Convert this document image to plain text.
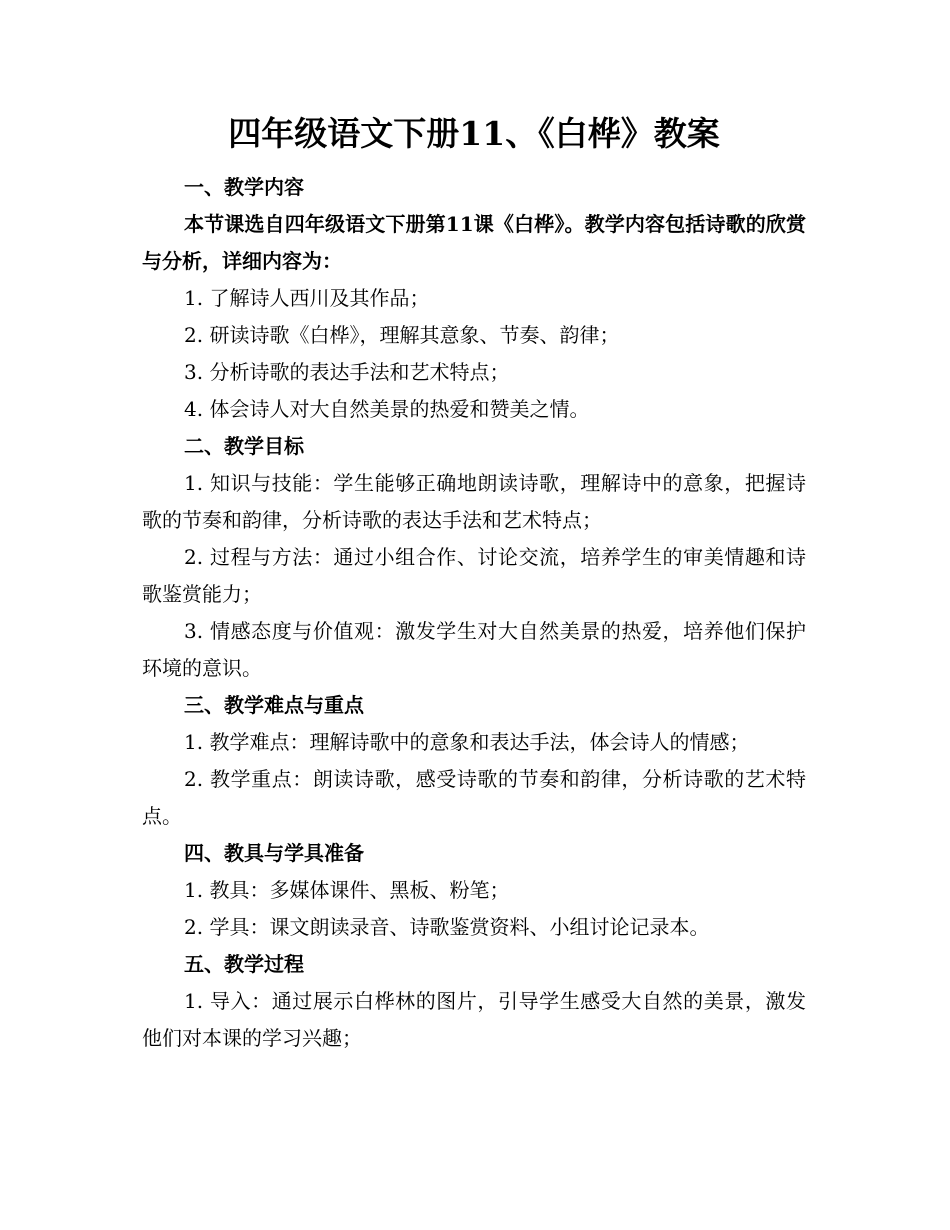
四年级语文下册11、《白桦》教案

一、教学内容

本节课选自四年级语文下册第11课《白桦》。教学内容包括诗歌的欣赏与分析，详细内容为：

1. 了解诗人西川及其作品；

2. 研读诗歌《白桦》，理解其意象、节奏、韵律；

3. 分析诗歌的表达手法和艺术特点；

4. 体会诗人对大自然美景的热爱和赞美之情。

二、教学目标

1. 知识与技能：学生能够正确地朗读诗歌，理解诗中的意象，把握诗歌的节奏和韵律，分析诗歌的表达手法和艺术特点；

2. 过程与方法：通过小组合作、讨论交流，培养学生的审美情趣和诗歌鉴赏能力；

3. 情感态度与价值观：激发学生对大自然美景的热爱，培养他们保护环境的意识。

三、教学难点与重点

1. 教学难点：理解诗歌中的意象和表达手法，体会诗人的情感；

2. 教学重点：朗读诗歌，感受诗歌的节奏和韵律，分析诗歌的艺术特点。

四、教具与学具准备

1. 教具：多媒体课件、黑板、粉笔；

2. 学具：课文朗读录音、诗歌鉴赏资料、小组讨论记录本。

五、教学过程

1. 导入：通过展示白桦林的图片，引导学生感受大自然的美景，激发他们对本课的学习兴趣；
